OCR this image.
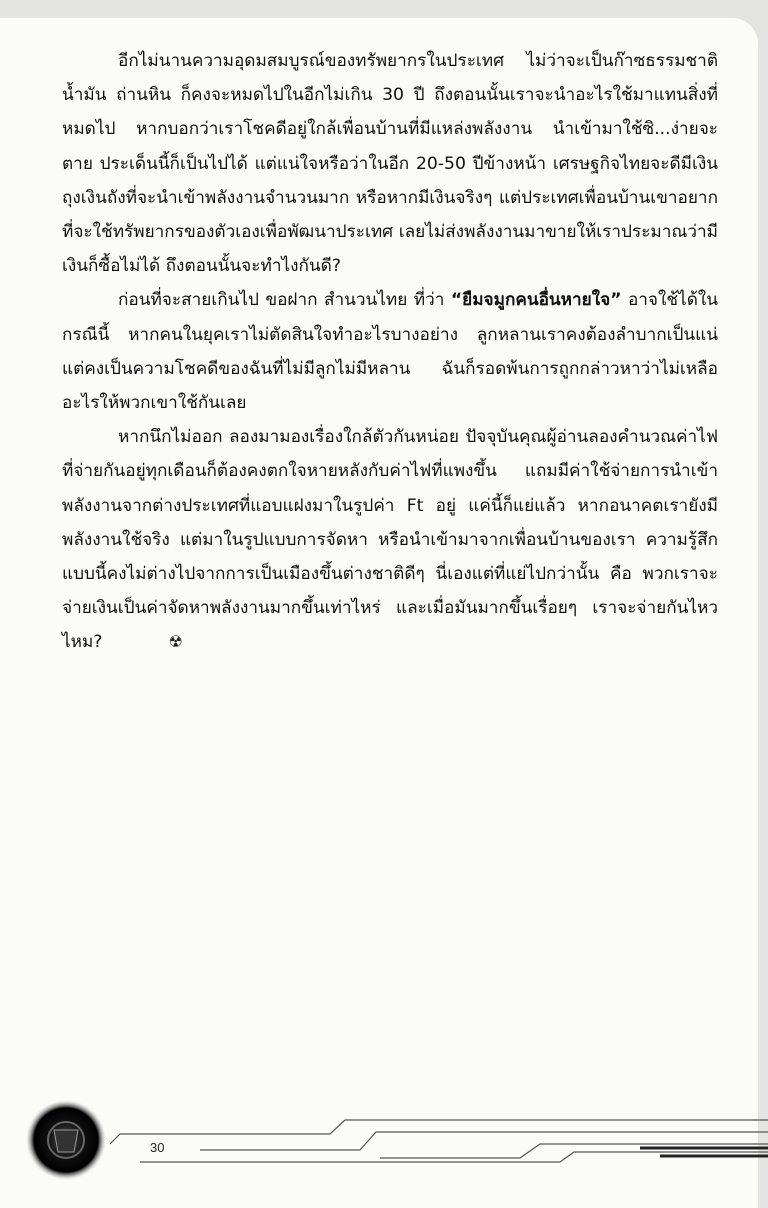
อีกไม่นานความอุดมสมบูรณ์ของทรัพยากรในประเทศ ไม่ว่าจะเป็นก๊าซธรรมชาติ น้ำมัน ถ่านหิน ก็คงจะหมดไปในอีกไม่เกิน 30 ปี ถึงตอนนั้นเราจะนำอะไรใช้มาแทนสิ่งที่หมดไป หากบอกว่าเราโชคดีอยู่ใกล้เพื่อนบ้านที่มีแหล่งพลังงาน นำเข้ามาใช้ซิ...ง่ายจะตาย ประเด็นนี้ก็เป็นไปได้ แต่แน่ใจหรือว่าในอีก 20-50 ปีข้างหน้า เศรษฐกิจไทยจะดีมีเงินถุงเงินถังที่จะนำเข้าพลังงานจำนวนมาก หรือหากมีเงินจริงๆ แต่ประเทศเพื่อนบ้านเขาอยากที่จะใช้ทรัพยากรของตัวเองเพื่อพัฒนาประเทศ เลยไม่ส่งพลังงานมาขายให้เราประมาณว่ามีเงินก็ซื้อไม่ได้ ถึงตอนนั้นจะทำไงกันดี?

ก่อนที่จะสายเกินไป ขอฝาก สำนวนไทย ที่ว่า “ยืมจมูกคนอื่นหายใจ” อาจใช้ได้ในกรณีนี้ หากคนในยุคเราไม่ตัดสินใจทำอะไรบางอย่าง ลูกหลานเราคงต้องลำบากเป็นแน่ แต่คงเป็นความโชคดีของฉันที่ไม่มีลูกไม่มีหลาน ฉันก็รอดพ้นการถูกกล่าวหาว่าไม่เหลืออะไรให้พวกเขาใช้กันเลย

หากนึกไม่ออก ลองมามองเรื่องใกล้ตัวกันหน่อย ปัจจุบันคุณผู้อ่านลองคำนวณค่าไฟที่จ่ายกันอยู่ทุกเดือนก็ต้องคงตกใจหายหลังกับค่าไฟที่แพงขึ้น แถมมีค่าใช้จ่ายการนำเข้าพลังงานจากต่างประเทศที่แอบแฝงมาในรูปค่า Ft อยู่ แค่นี้ก็แย่แล้ว หากอนาคตเรายังมีพลังงานใช้จริง แต่มาในรูปแบบการจัดหา หรือนำเข้ามาจากเพื่อนบ้านของเรา ความรู้สึกแบบนี้คงไม่ต่างไปจากการเป็นเมืองขึ้นต่างชาติดีๆ นี่เองแต่ที่แย่ไปกว่านั้น คือ พวกเราจะจ่ายเงินเป็นค่าจัดหาพลังงานมากขึ้นเท่าไหร่ และเมื่อมันมากขึ้นเรื่อยๆ เราจะจ่ายกันไหวไหม?	☢

30
